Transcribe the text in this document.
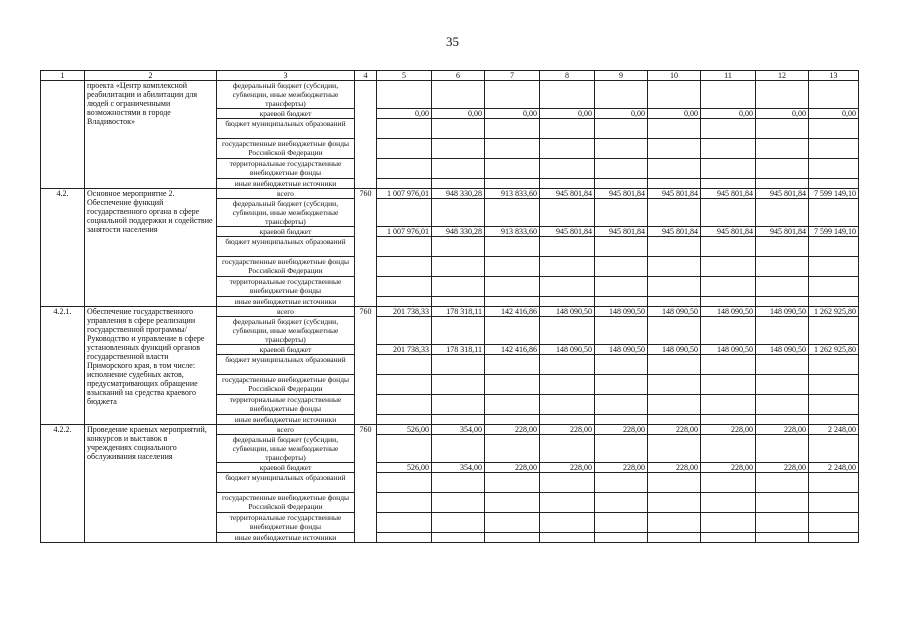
35
1	2	3	4	5	6	7	8	9	10	11	12	13
	проекта «Центр комплексной реабилитации и абилитации для людей с ограниченными возможностями в городе Владивосток»	федеральный бюджет (субсидии, субвенции, иные межбюджетные трансферты)										
		краевой бюджет		0,00	0,00	0,00	0,00	0,00	0,00	0,00	0,00	0,00
		бюджет муниципальных образований										
		государственные внебюджетные фонды Российской Федерации										
		территориальные государственные внебюджетные фонды										
		иные внебюджетные источники										
4.2.	Основное мероприятие 2. Обеспечение функций государственного органа в сфере социальной поддержки и содействие занятости населения	всего	760	1 007 976,01	948 330,28	913 833,60	945 801,84	945 801,84	945 801,84	945 801,84	945 801,84	7 599 149,10
		федеральный бюджет (субсидии, субвенции, иные межбюджетные трансферты)										
		краевой бюджет		1 007 976,01	948 330,28	913 833,60	945 801,84	945 801,84	945 801,84	945 801,84	945 801,84	7 599 149,10
		бюджет муниципальных образований										
		государственные внебюджетные фонды Российской Федерации										
		территориальные государственные внебюджетные фонды										
		иные внебюджетные источники										
4.2.1.	Обеспечение государственного управления в сфере реализации государственной программы/ Руководство и управление в сфере установленных функций органов государственной власти Приморского края, в том числе: исполнение судебных актов, предусматривающих обращение взысканий на средства краевого бюджета	всего	760	201 738,33	178 318,11	142 416,86	148 090,50	148 090,50	148 090,50	148 090,50	148 090,50	1 262 925,80
		федеральный бюджет (субсидии, субвенции, иные межбюджетные трансферты)										
		краевой бюджет		201 738,33	178 318,11	142 416,86	148 090,50	148 090,50	148 090,50	148 090,50	148 090,50	1 262 925,80
		бюджет муниципальных образований										
		государственные внебюджетные фонды Российской Федерации										
		территориальные государственные внебюджетные фонды										
		иные внебюджетные источники										
4.2.2.	Проведение краевых мероприятий, конкурсов и выставок в учреждениях социального обслуживания населения	всего	760	526,00	354,00	228,00	228,00	228,00	228,00	228,00	228,00	2 248,00
		федеральный бюджет (субсидии, субвенции, иные межбюджетные трансферты)										
		краевой бюджет		526,00	354,00	228,00	228,00	228,00	228,00	228,00	228,00	2 248,00
		бюджет муниципальных образований										
		государственные внебюджетные фонды Российской Федерации										
		территориальные государственные внебюджетные фонды										
		иные внебюджетные источники										
